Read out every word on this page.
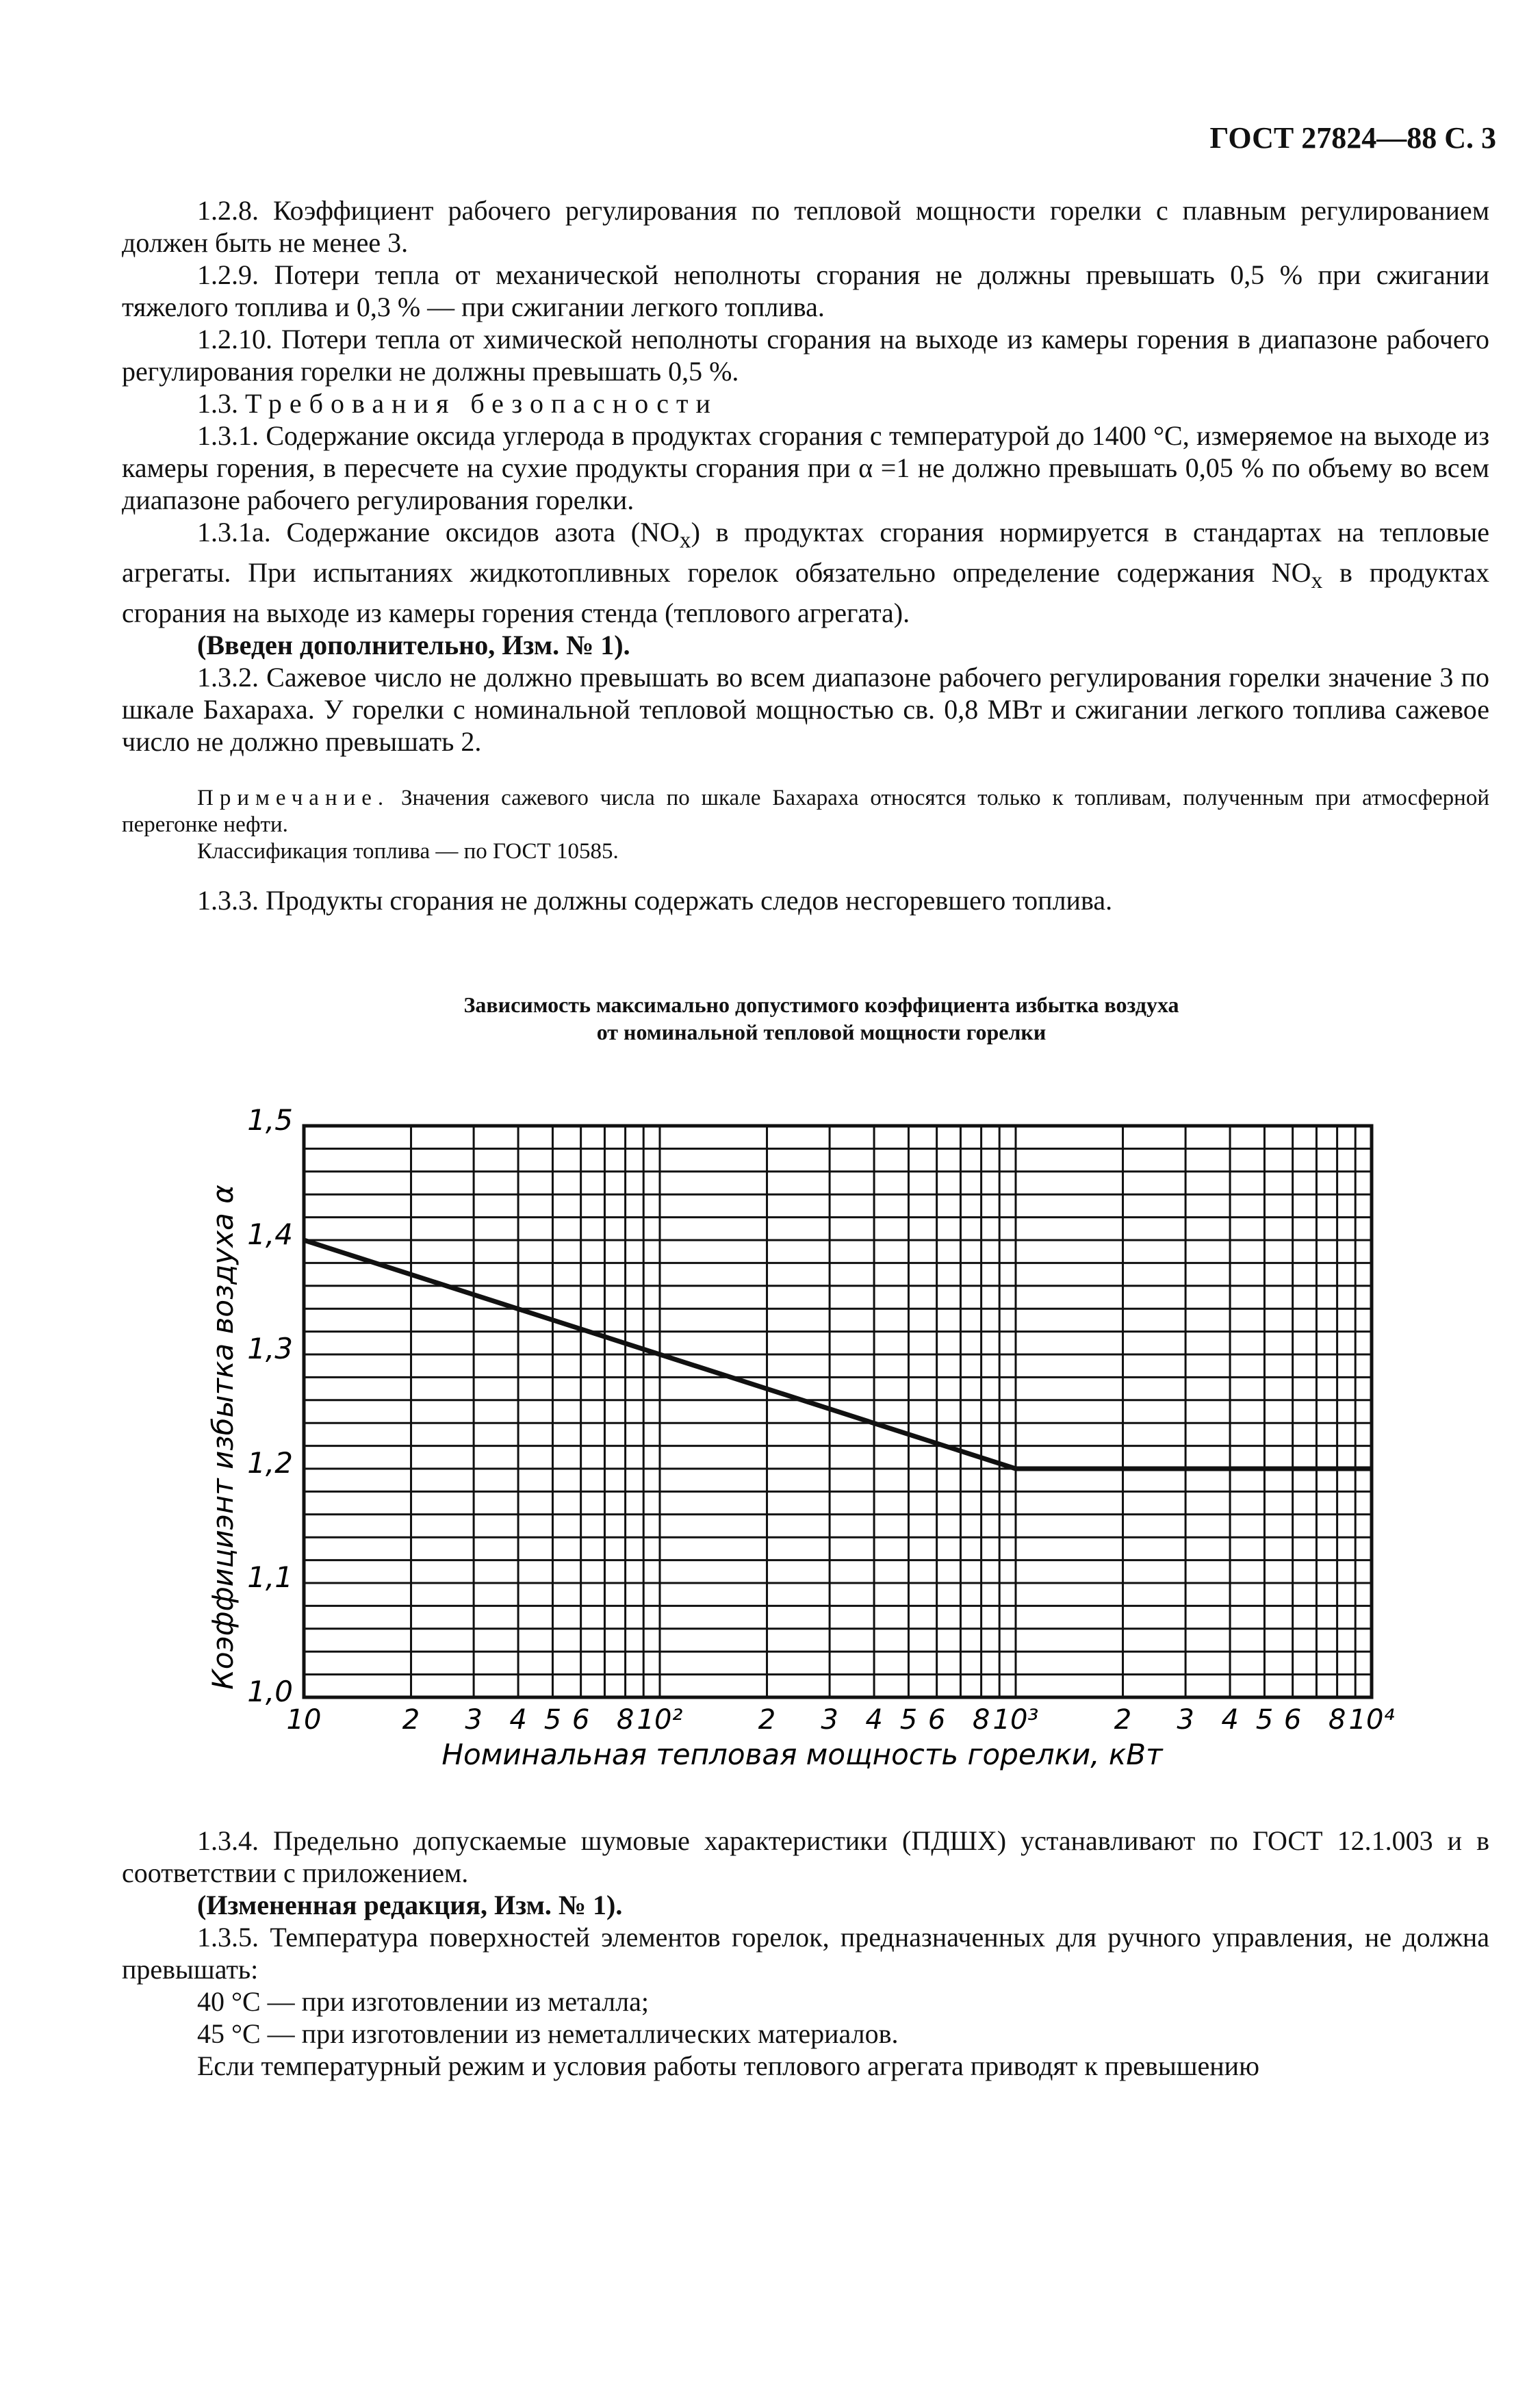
ГОСТ 27824—88 С. 3

1.2.8. Коэффициент рабочего регулирования по тепловой мощности горелки с плавным регулированием должен быть не менее 3.

1.2.9. Потери тепла от механической неполноты сгорания не должны превышать 0,5 % при сжигании тяжелого топлива и 0,3 % — при сжигании легкого топлива.

1.2.10. Потери тепла от химической неполноты сгорания на выходе из камеры горения в диапазоне рабочего регулирования горелки не должны превышать 0,5 %.

1.3. Требования безопасности

1.3.1. Содержание оксида углерода в продуктах сгорания с температурой до 1400 °С, измеряемое на выходе из камеры горения, в пересчете на сухие продукты сгорания при α =1 не должно превышать 0,05 % по объему во всем диапазоне рабочего регулирования горелки.

1.3.1а. Содержание оксидов азота $(NO_x)$ в продуктах сгорания нормируется в стандартах на тепловые агрегаты. При испытаниях жидкотопливных горелок обязательно определение содержания $NO_x$ в продуктах сгорания на выходе из камеры горения стенда (теплового агрегата).

(Введен дополнительно, Изм. № 1).

1.3.2. Сажевое число не должно превышать во всем диапазоне рабочего регулирования горелки значение 3 по шкале Бахараха. У горелки с номинальной тепловой мощностью св. 0,8 МВт и сжигании легкого топлива сажевое число не должно превышать 2.

Примечание. Значения сажевого числа по шкале Бахараха относятся только к топливам, полученным при атмосферной перегонке нефти.

Классификация топлива — по ГОСТ 10585.

1.3.3. Продукты сгорания не должны содержать следов несгоревшего топлива.

Зависимость максимально допустимого коэффициента избытка воздуха
от номинальной тепловой мощности горелки
10	2 3 4 5 6 8 10²	2 3 4 5 6 8 10³	2 3 4 5 6 8 10⁴
1,0
1,1
1,2
1,3
1,4
1,5
Номинальная тепловая мощность горелки, кВт
Коэффициэнт избытка воздуха α

1.3.4. Предельно допускаемые шумовые характеристики (ПДШХ) устанавливают по ГОСТ 12.1.003 и в соответствии с приложением.

(Измененная редакция, Изм. № 1).

1.3.5. Температура поверхностей элементов горелок, предназначенных для ручного управления, не должна превышать:

40 °С — при изготовлении из металла;

45 °С — при изготовлении из неметаллических материалов.

Если температурный режим и условия работы теплового агрегата приводят к превышению
